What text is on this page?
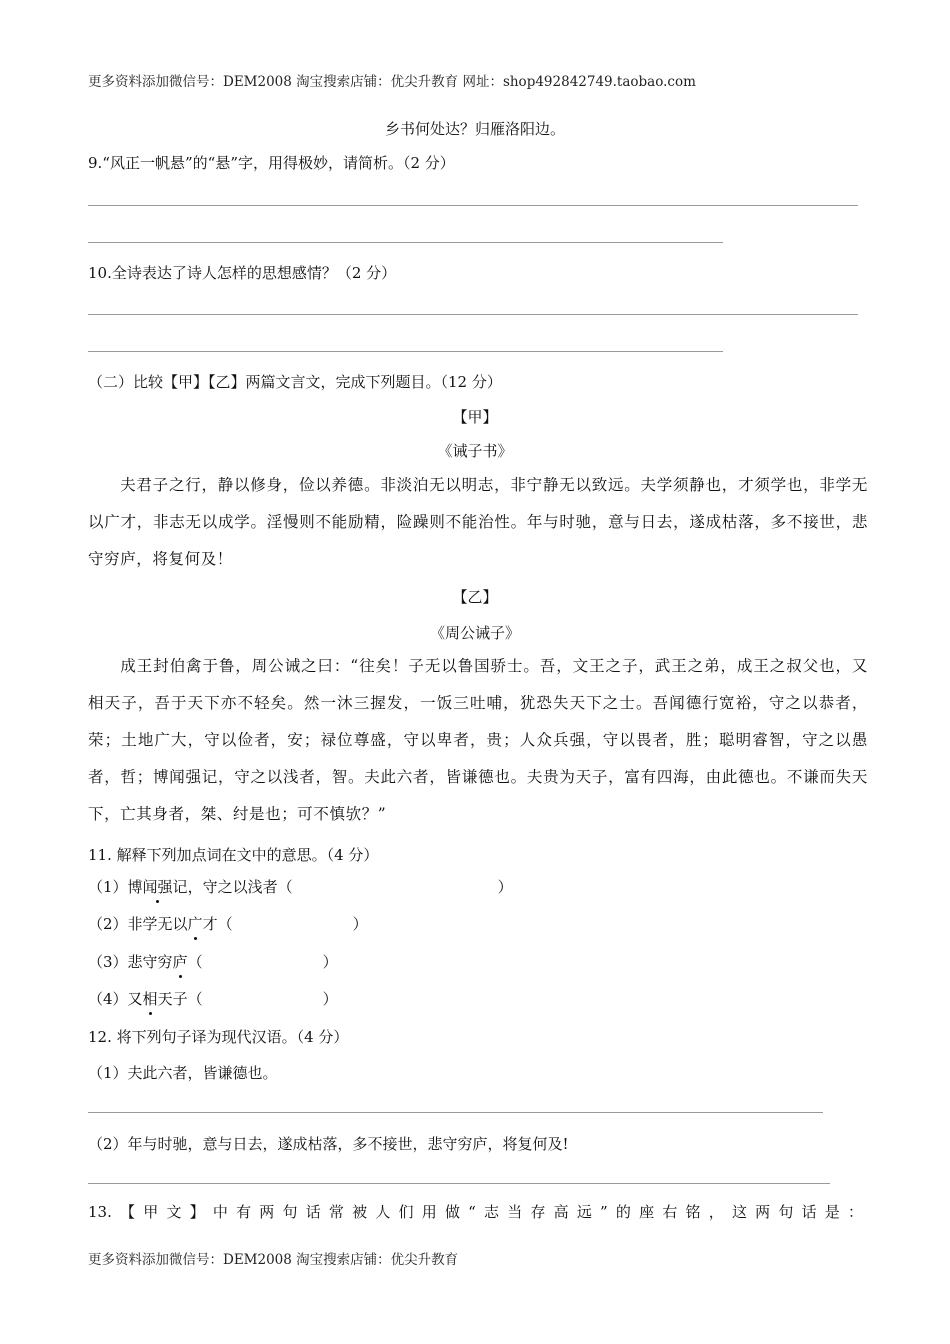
更多资料添加微信号：DEM2008 淘宝搜索店铺：优尖升教育 网址：shop492842749.taobao.com
乡书何处达？归雁洛阳边。
9.“风正一帆悬”的“悬”字，用得极妙，请简析。（2 分）
10.全诗表达了诗人怎样的思想感情？（2 分）
（二）比较【甲】【乙】两篇文言文，完成下列题目。（12 分）
【甲】
《诫子书》
夫君子之行，静以修身，俭以养德。非淡泊无以明志，非宁静无以致远。夫学须静也，才须学也，非学无以广才，非志无以成学。淫慢则不能励精，险躁则不能治性。年与时驰，意与日去，遂成枯落，多不接世，悲守穷庐，将复何及！
【乙】
《周公诫子》
成王封伯禽于鲁，周公诫之曰：“往矣！子无以鲁国骄士。吾，文王之子，武王之弟，成王之叔父也，又相天子，吾于天下亦不轻矣。然一沐三握发，一饭三吐哺，犹恐失天下之士。吾闻德行宽裕，守之以恭者，荣；土地广大，守以俭者，安；禄位尊盛，守以卑者，贵；人众兵强，守以畏者，胜；聪明睿智，守之以愚者，哲；博闻强记，守之以浅者，智。夫此六者，皆谦德也。夫贵为天子，富有四海，由此德也。不谦而失天下，亡其身者，桀、纣是也；可不慎欤？”
11. 解释下列加点词在文中的意思。（4 分）
（1）博闻强记，守之以浅者（	）
（2）非学无以广才（	）
（3）悲守穷庐（	）
（4）又相天子（	）
12. 将下列句子译为现代汉语。（4 分）
（1）夫此六者，皆谦德也。
（2）年与时驰，意与日去，遂成枯落，多不接世，悲守穷庐，将复何及!
13.【甲文】中有两句话常被人们用做“志当存高远”的座右铭，这两句话是：
更多资料添加微信号：DEM2008 淘宝搜索店铺：优尖升教育
